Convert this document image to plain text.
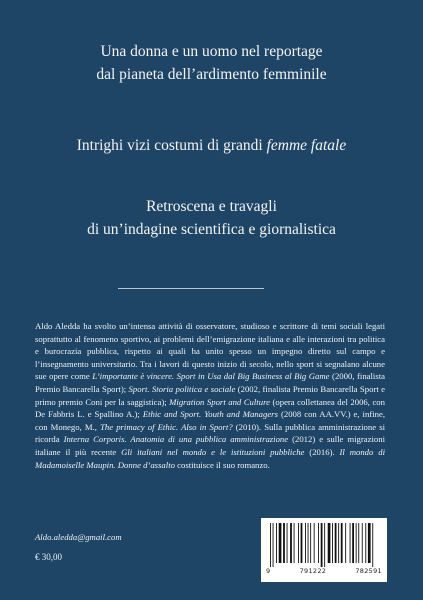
Una donna e un uomo nel reportage
dal pianeta dell’ardimento femminile
Intrighi vizi costumi di grandi femme fatale
Retroscena e travagli
di un’indagine scientifica e giornalistica

Aldo Aledda ha svolto un’intensa attività di osservatore, studioso e scrittore di temi sociali legati soprattutto al fenomeno sportivo, ai problemi dell’emigrazione italiana e alle interazioni tra politica e burocrazia pubblica, rispetto ai quali ha unito spesso un impegno diretto sul campo e l’insegnamento universitario. Tra i lavori di questo inizio di secolo, nello sport si segnalano alcune sue opere come L’importante è vincere. Sport in Usa dal Big Business al Big Game (2000, finalista Premio Bancarella Sport); Sport. Storia politica e sociale (2002, finalista Premio Bancarella Sport e primo premio Coni per la saggistica); Migration Sport and Culture (opera collettanea del 2006, con De Fabbris L. e Spallino A.); Ethic and Sport. Youth and Managers (2008 con AA.VV.) e, infine, con Monego, M., The primacy of Ethic. Also in Sport? (2010). Sulla pubblica amministrazione si ricorda Interna Corporis. Anatomia di una pubblica amministrazione (2012) e sulle migrazioni italiane il più recente Gli italiani nel mondo e le istituzioni pubbliche (2016). Il mondo di Madamoiselle Maupin. Donne d’assalto costituisce il suo romanzo.

Aldo.aledda@gmail.com
€ 30,00
9	791222	782591
